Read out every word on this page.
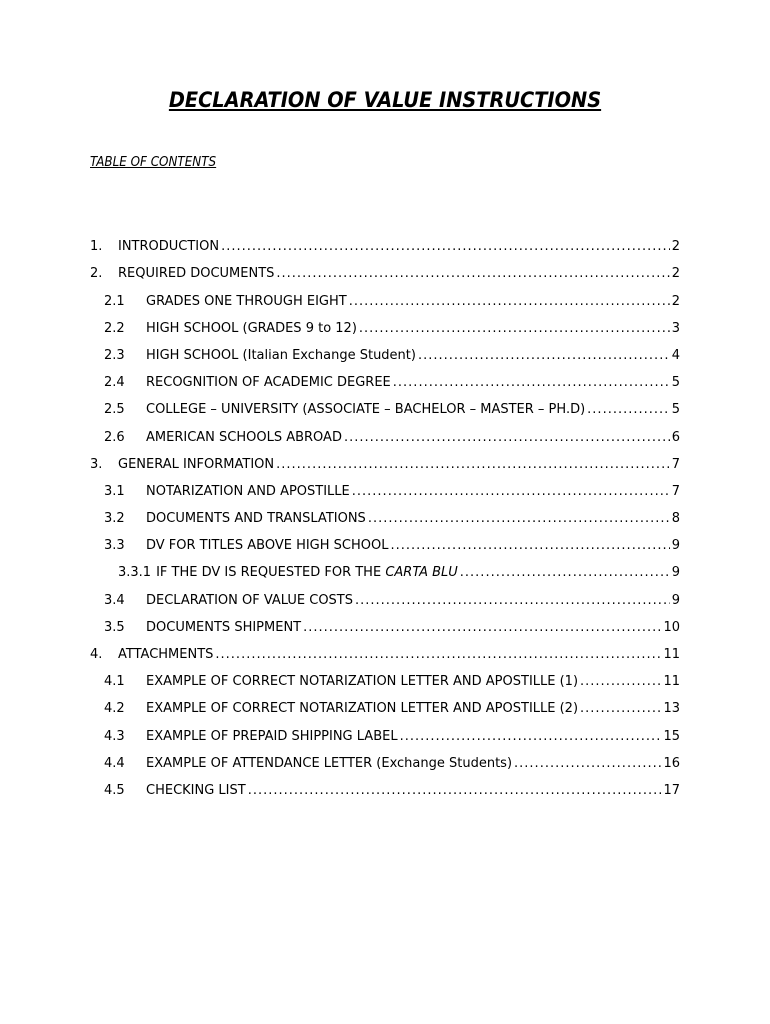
DECLARATION OF VALUE INSTRUCTIONS
TABLE OF CONTENTS
1.	INTRODUCTION .....	2
2.	REQUIRED DOCUMENTS .....	2
2.1	GRADES ONE THROUGH EIGHT .....	2
2.2	HIGH SCHOOL (GRADES 9 to 12) .....	3
2.3	HIGH SCHOOL (Italian Exchange Student) .....	4
2.4	RECOGNITION OF ACADEMIC DEGREE .....	5
2.5	COLLEGE – UNIVERSITY (ASSOCIATE – BACHELOR – MASTER – PH.D) .....	5
2.6	AMERICAN SCHOOLS ABROAD .....	6
3.	GENERAL INFORMATION .....	7
3.1	NOTARIZATION AND APOSTILLE .....	7
3.2	DOCUMENTS AND TRANSLATIONS .....	8
3.3	DV FOR TITLES ABOVE HIGH SCHOOL .....	9
3.3.1 IF THE DV IS REQUESTED FOR THE CARTA BLU .....	9
3.4	DECLARATION OF VALUE COSTS .....	9
3.5	DOCUMENTS SHIPMENT .....	10
4.	ATTACHMENTS .....	11
4.1	EXAMPLE OF CORRECT NOTARIZATION LETTER AND APOSTILLE (1) .....	11
4.2	EXAMPLE OF CORRECT NOTARIZATION LETTER AND APOSTILLE (2) .....	13
4.3	EXAMPLE OF PREPAID SHIPPING LABEL .....	15
4.4	EXAMPLE OF ATTENDANCE LETTER (Exchange Students) .....	16
4.5	CHECKING LIST .....	17
